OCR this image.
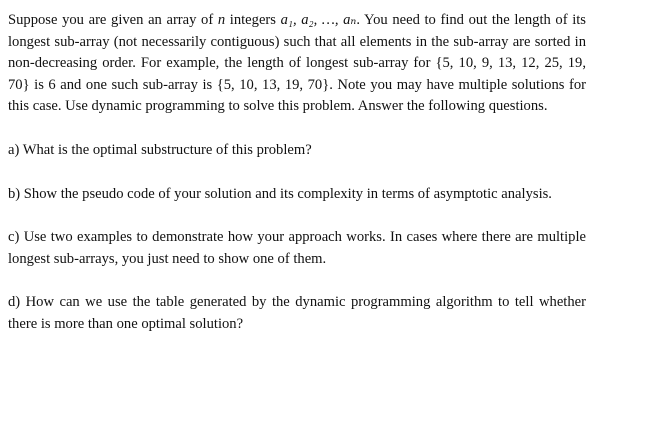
Suppose you are given an array of n integers a₁, a₂, …, aₙ. You need to find out the length of its longest sub-array (not necessarily contiguous) such that all elements in the sub-array are sorted in non-decreasing order. For example, the length of longest sub-array for {5, 10, 9, 13, 12, 25, 19, 70} is 6 and one such sub-array is {5, 10, 13, 19, 70}. Note you may have multiple solutions for this case. Use dynamic programming to solve this problem. Answer the following questions.

a) What is the optimal substructure of this problem?

b) Show the pseudo code of your solution and its complexity in terms of asymptotic analysis.

c) Use two examples to demonstrate how your approach works. In cases where there are multiple longest sub-arrays, you just need to show one of them.

d) How can we use the table generated by the dynamic programming algorithm to tell whether there is more than one optimal solution?
